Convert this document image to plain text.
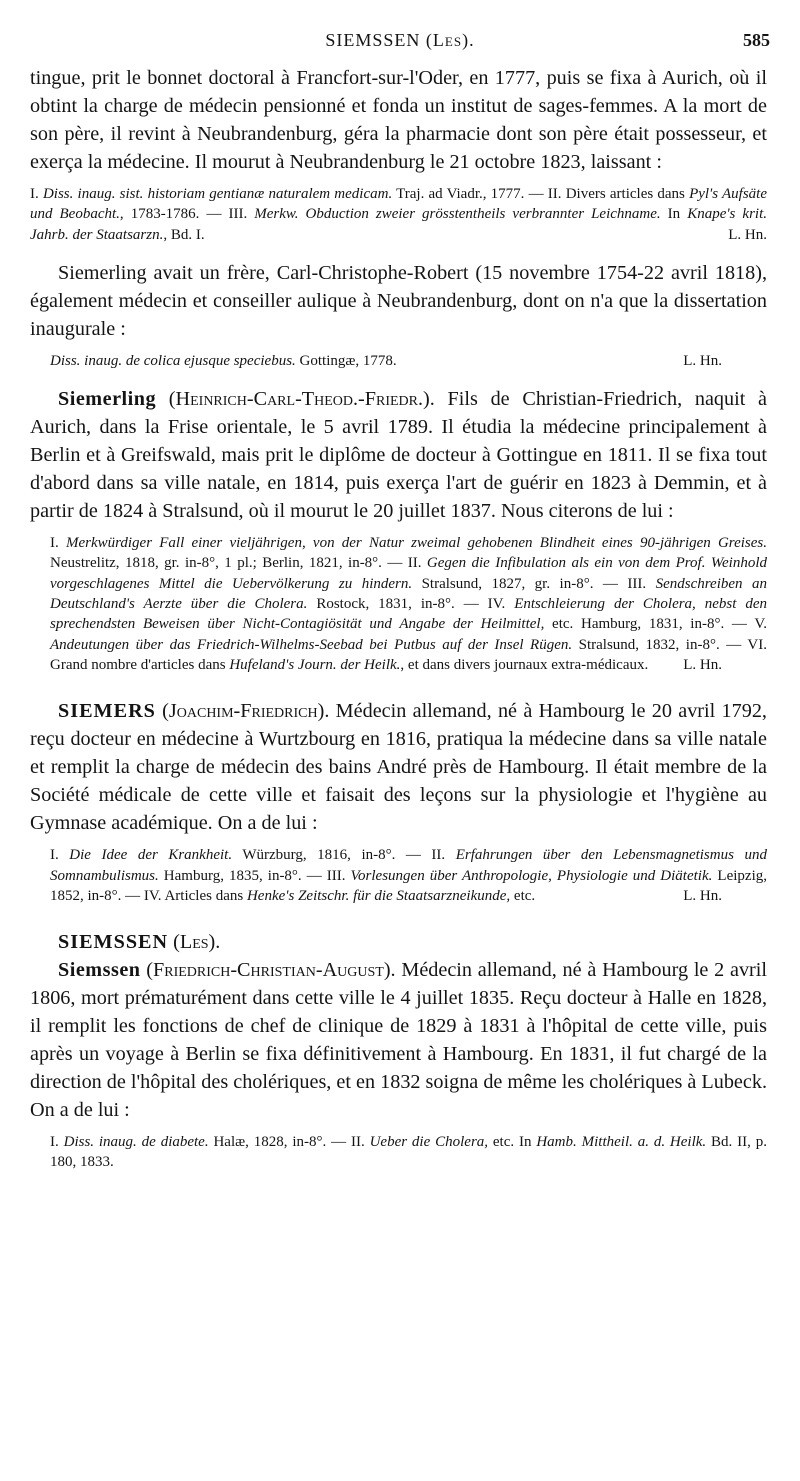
SIEMSSEN (Les).	585

tingue, prit le bonnet doctoral à Francfort-sur-l'Oder, en 1777, puis se fixa à Aurich, où il obtint la charge de médecin pensionné et fonda un institut de sages-femmes. A la mort de son père, il revint à Neubrandenburg, géra la pharmacie dont son père était possesseur, et exerça la médecine. Il mourut à Neubrandenburg le 21 octobre 1823, laissant :

I. Diss. inaug. sist. historiam gentianæ naturalem medicam. Traj. ad Viadr., 1777. — II. Divers articles dans Pyl's Aufsäte und Beobacht., 1783-1786. — III. Merkw. Obduction zweier grösstentheils verbrannter Leichname. In Knape's krit. Jahrb. der Staatsarzn., Bd. I.	L. Hn.

Siemerling avait un frère, Carl-Christophe-Robert (15 novembre 1754-22 avril 1818), également médecin et conseiller aulique à Neubrandenburg, dont on n'a que la dissertation inaugurale :

Diss. inaug. de colica ejusque speciebus. Gottingæ, 1778.	L. Hn.

Siemerling (Heinrich-Carl-Theod.-Friedr.). Fils de Christian-Friedrich, naquit à Aurich, dans la Frise orientale, le 5 avril 1789. Il étudia la médecine principalement à Berlin et à Greifswald, mais prit le diplôme de docteur à Gottingue en 1811. Il se fixa tout d'abord dans sa ville natale, en 1814, puis exerça l'art de guérir en 1823 à Demmin, et à partir de 1824 à Stralsund, où il mourut le 20 juillet 1837. Nous citerons de lui :

I. Merkwürdiger Fall einer vieljährigen, von der Natur zweimal gehobenen Blindheit eines 90-jährigen Greises. Neustrelitz, 1818, gr. in-8°, 1 pl.; Berlin, 1821, in-8°. — II. Gegen die Infibulation als ein von dem Prof. Weinhold vorgeschlagenes Mittel die Uebervölkerung zu hindern. Stralsund, 1827, gr. in-8°. — III. Sendschreiben an Deutschland's Aerzte über die Cholera. Rostock, 1831, in-8°. — IV. Entschleierung der Cholera, nebst den sprechendsten Beweisen über Nicht-Contagiösität und Angabe der Heilmittel, etc. Hamburg, 1831, in-8°. — V. Andeutungen über das Friedrich-Wilhelms-Seebad bei Putbus auf der Insel Rügen. Stralsund, 1832, in-8°. — VI. Grand nombre d'articles dans Hufeland's Journ. der Heilk., et dans divers journaux extra-médicaux. L. Hn.

SIEMERS (Joachim-Friedrich). Médecin allemand, né à Hambourg le 20 avril 1792, reçu docteur en médecine à Wurtzbourg en 1816, pratiqua la médecine dans sa ville natale et remplit la charge de médecin des bains André près de Hambourg. Il était membre de la Société médicale de cette ville et faisait des leçons sur la physiologie et l'hygiène au Gymnase académique. On a de lui :

I. Die Idee der Krankheit. Würzburg, 1816, in-8°. — II. Erfahrungen über den Lebensmagnetismus und Somnambulismus. Hamburg, 1835, in-8°. — III. Vorlesungen über Anthropologie, Physiologie und Diätetik. Leipzig, 1852, in-8°. — IV. Articles dans Henke's Zeitschr. für die Staatsarzneikunde, etc.	L. Hn.

SIEMSSEN (Les).

Siemssen (Friedrich-Christian-August). Médecin allemand, né à Hambourg le 2 avril 1806, mort prématurément dans cette ville le 4 juillet 1835. Reçu docteur à Halle en 1828, il remplit les fonctions de chef de clinique de 1829 à 1831 à l'hôpital de cette ville, puis après un voyage à Berlin se fixa définitivement à Hambourg. En 1831, il fut chargé de la direction de l'hôpital des cholériques, et en 1832 soigna de même les cholériques à Lubeck. On a de lui :

I. Diss. inaug. de diabete. Halæ, 1828, in-8°. — II. Ueber die Cholera, etc. In Hamb. Mittheil. a. d. Heilk. Bd. II, p. 180, 1833.
